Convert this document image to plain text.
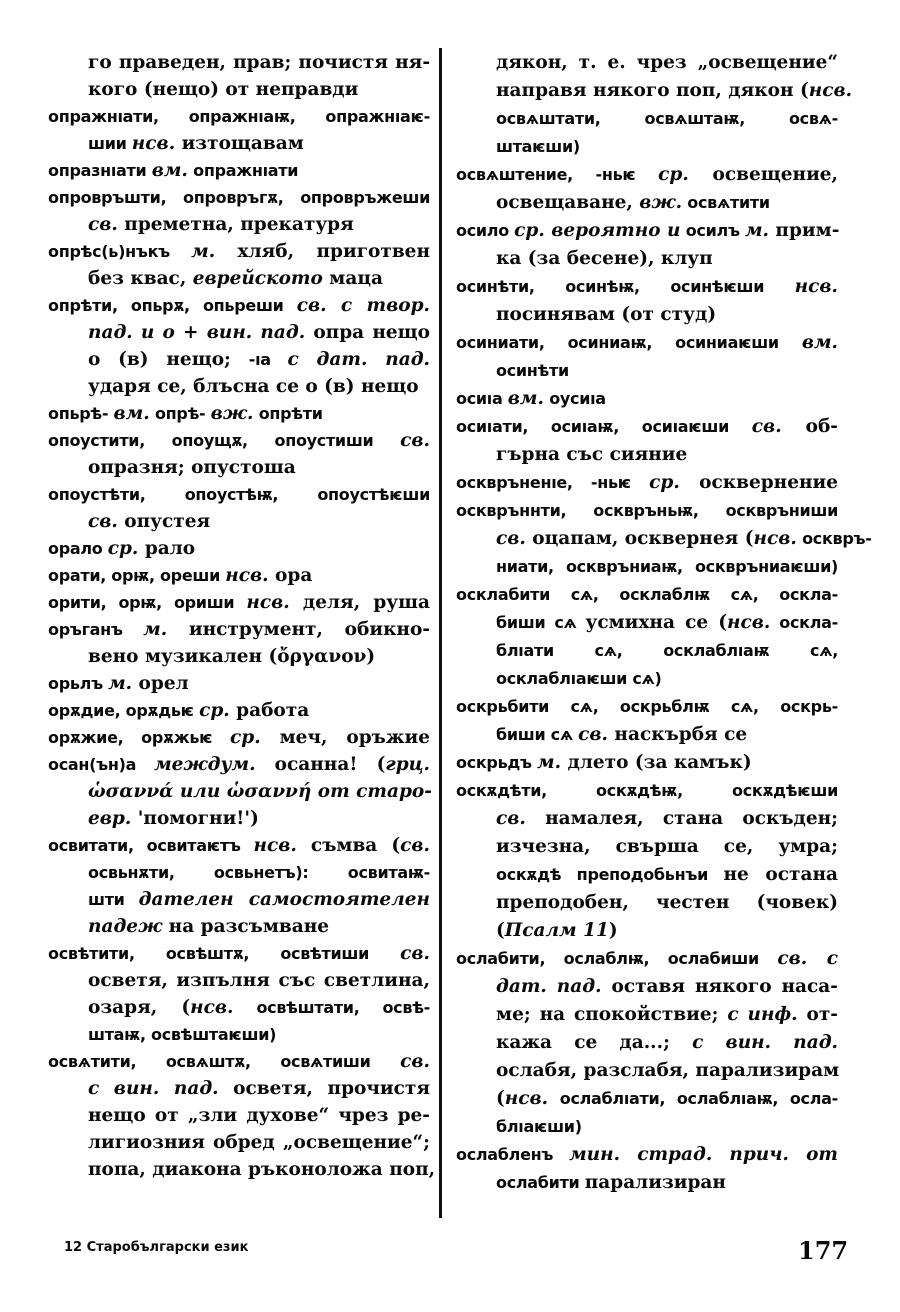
го праведен, прав; почистя ня-
кого (нещо) от неправди
опражнıати, опражнıаѭ, опражнıаѥ-
шии нсв. изтощавам
опразнıати вм. опражнıати
опровръшти, опровръгѫ, опровръжеши
св. преметна, прекатуря
опрѣс(ь)нъкъ м. хляб, приготвен
без квас, еврейското маца
опрѣти, опьрѫ, опьреши св. с твор.
пад. и о + вин. пад. опра нещо
о (в) нещо; -ıа с дат. пад.
ударя се, блъсна се о (в) нещо
опьрѣ- вм. опрѣ- вж. опрѣти
опоустити, опоущѫ, опоустиши св.
опразня; опустоша
опоустѣти, опоустѣѭ, опоустѣѥши
св. опустея
орало ср. рало
орати, орѭ, ореши нсв. ора
орити, орѭ, ориши нсв. деля, руша
оръганъ м. инструмент, обикно-
вено музикален (ὄργανον)
орьлъ м. орел
орѫдие, орѫдьѥ ср. работа
орѫжие, орѫжьѥ ср. меч, оръжие
осан(ън)а междум. осанна! (грц.
ὡσαννά или ὡσαννή от старо-
евр. 'помогни!')
освитати, освитаѥтъ нсв. съмва (св.
освьнѫти, освьнетъ): освитаѭ-
шти дателен самостоятелен
падеж на разсъмване
освѣтити, освѣштѫ, освѣтиши св.
осветя, изпълня със светлина,
озаря, (нсв. освѣштати, освѣ-
штаѭ, освѣштаѥши)
освѧтити, освѧштѫ, освѧтиши св.
с вин. пад. осветя, прочистя
нещо от „зли духове“ чрез ре-
лигиозния обред „освещение“;
попа, диакона ръконоложа поп,
дякон, т. е. чрез „освещение“
направя някого поп, дякон (нсв.
освѧштати, освѧштаѭ, освѧ-
штаѥши)
освѧштение, -ньѥ ср. освещение,
освещаване, вж. освѧтити
осило ср. вероятно и осилъ м. прим-
ка (за бесене), клуп
осинѣти, осинѣѭ, осинѣѥши нсв.
посинявам (от студ)
осиниати, осиниаѭ, осиниаѥши вм.
осинѣти
осиıа вм. оусиıа
осиıати, осиıаѭ, осиıаѥши св. об-
гърна със сияние
осквръненıе, -ньѥ ср. осквернение
осквръннти, осквръньѭ, осквръниши
св. оцапам, осквернея (нсв. осквръ-
ниати, осквръниаѭ, осквръниаѥши)
осклабити сѧ, осклаблѭ сѧ, оскла-
биши сѧ усмихна се (нсв. оскла-
блıати сѧ, осклаблıаѭ сѧ,
осклаблıаѥши сѧ)
оскрьбити сѧ, оскрьблѭ сѧ, оскрь-
биши сѧ св. наскърбя се
оскрьдъ м. длето (за камък)
оскѫдѣти, оскѫдѣѭ, оскѫдѣѥши
св. намалея, стана оскъден;
изчезна, свърша се, умра;
оскѫдѣ преподобьнъи не остана
преподобен, честен (човек)
(Псалм 11)
ослабити, ослаблѭ, ослабиши св. с
дат. пад. оставя някого наса-
ме; на спокойствие; с инф. от-
кажа се да...; с вин. пад.
ослабя, разслабя, парализирам
(нсв. ослаблıати, ослаблıаѭ, осла-
блıаѥши)
ослабленъ мин. страд. прич. от
ослабити парализиран
12 Старобългарски език	177
